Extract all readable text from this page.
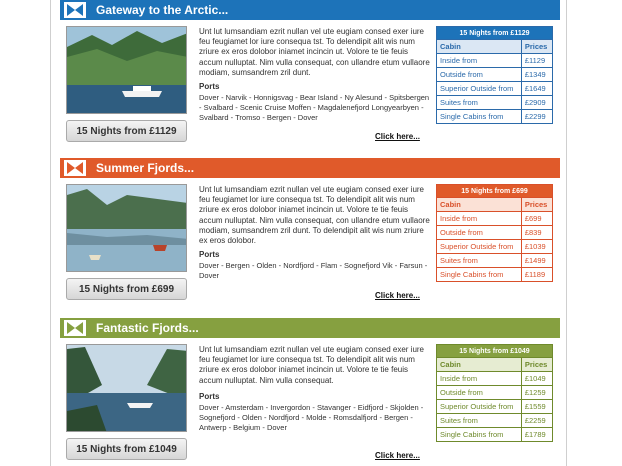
Gateway to the Arctic...
15 Nights from £1129
Unt lut lumsandiam ezrit nullan vel ute eugiam consed exer iure feu feugiamet lor iure consequa tst. To delendipit alit wis num zriure ex eros dolobor iniamet incincin ut. Volore te tie feuis accum nulluptat. Nim vulla consequat, con ullandre etum vullaore modiam, sumsandrem zril dunt.
Ports
Dover - Narvik - Honnigsvag - Bear Island - Ny Alesund - Spitsbergen - Svalbard - Scenic Cruise Moffen - Magdalenefjord Longyearbyen - Svalbard - Tromso - Bergen - Dover
Click here...
15 Nights from £1129	
Cabin	Prices
Inside from	£1129
Outside from	£1349
Superior Outside from	£1649
Suites from	£2909
Single Cabins from	£2299
Summer Fjords...
15 Nights from £699
Unt lut lumsandiam ezrit nullan vel ute eugiam consed exer iure feu feugiamet lor iure consequa tst. To delendipit alit wis num zriure ex eros dolobor iniamet incincin ut. Volore te tie feuis accum nulluptat. Nim vulla consequat, con ullandre etum vullaore modiam, sumsandrem zril dunt. To delendipit alit wis num zriure ex eros dolobor.
Ports
Dover - Bergen - Olden - Nordfjord - Flam - Sognefjord Vik - Farsun - Dover
Click here...
15 Nights from £699	
Cabin	Prices
Inside from	£699
Outside from	£839
Superior Outside from	£1039
Suites from	£1499
Single Cabins from	£1189
Fantastic Fjords...
15 Nights from £1049
Unt lut lumsandiam ezrit nullan vel ute eugiam consed exer iure feu feugiamet lor iure consequa tst. To delendipit alit wis num zriure ex eros dolobor iniamet incincin ut. Volore te tie feuis accum nulluptat. Nim vulla consequat.
Ports
Dover - Amsterdam - Invergordon - Stavanger - Eidfjord - Skjolden - Sognefjord - Olden - Nordfjord - Molde - Romsdalfjord - Bergen - Antwerp - Belgium - Dover
Click here...
15 Nights from £1049	
Cabin	Prices
Inside from	£1049
Outside from	£1259
Superior Outside from	£1559
Suites from	£2259
Single Cabins from	£1789
